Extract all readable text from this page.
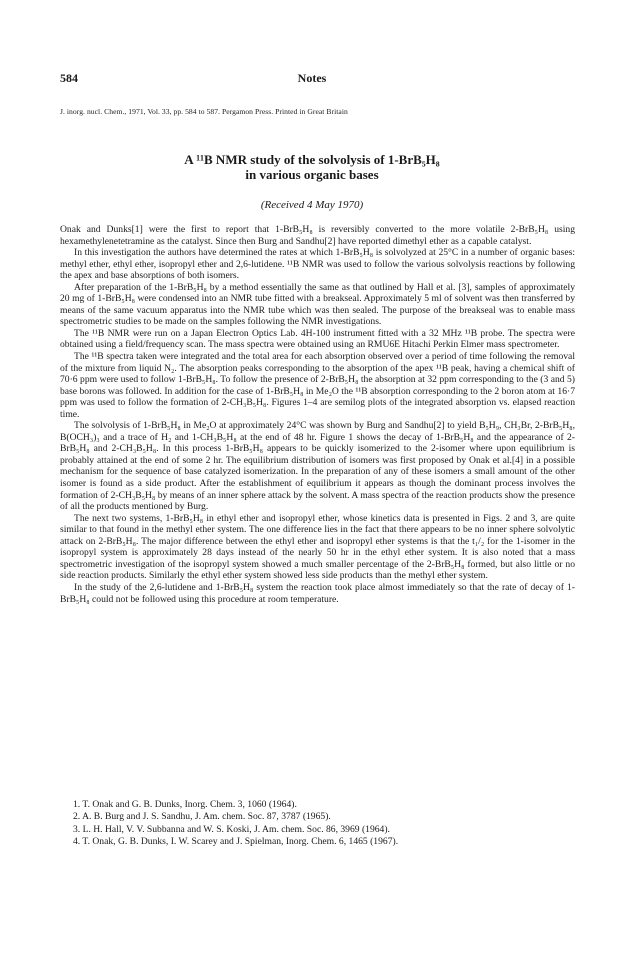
584	Notes
J. inorg. nucl. Chem., 1971, Vol. 33, pp. 584 to 587. Pergamon Press. Printed in Great Britain
A ¹¹B NMR study of the solvolysis of 1-BrB₅H₈
in various organic bases
(Received 4 May 1970)

Onak and Dunks[1] were the first to report that 1-BrB₅H₈ is reversibly converted to the more volatile 2-BrB₅H₈ using hexamethylenetetramine as the catalyst. Since then Burg and Sandhu[2] have reported dimethyl ether as a capable catalyst.

In this investigation the authors have determined the rates at which 1-BrB₅H₈ is solvolyzed at 25°C in a number of organic bases: methyl ether, ethyl ether, isopropyl ether and 2,6-lutidene. ¹¹B NMR was used to follow the various solvolysis reactions by following the apex and base absorptions of both isomers.

After preparation of the 1-BrB₅H₈ by a method essentially the same as that outlined by Hall et al. [3], samples of approximately 20 mg of 1-BrB₅H₈ were condensed into an NMR tube fitted with a breakseal. Approximately 5 ml of solvent was then transferred by means of the same vacuum apparatus into the NMR tube which was then sealed. The purpose of the breakseal was to enable mass spectrometric studies to be made on the samples following the NMR investigations.

The ¹¹B NMR were run on a Japan Electron Optics Lab. 4H-100 instrument fitted with a 32 MHz ¹¹B probe. The spectra were obtained using a field/frequency scan. The mass spectra were obtained using an RMU6E Hitachi Perkin Elmer mass spectrometer.

The ¹¹B spectra taken were integrated and the total area for each absorption observed over a period of time following the removal of the mixture from liquid N₂. The absorption peaks corresponding to the absorption of the apex ¹¹B peak, having a chemical shift of 70·6 ppm were used to follow 1-BrB₅H₈. To follow the presence of 2-BrB₅H₈ the absorption at 32 ppm corresponding to the (3 and 5) base borons was followed. In addition for the case of 1-BrB₅H₈ in Me₂O the ¹¹B absorption corresponding to the 2 boron atom at 16·7 ppm was used to follow the formation of 2-CH₃B₅H₈. Figures 1–4 are semilog plots of the integrated absorption vs. elapsed reaction time.

The solvolysis of 1-BrB₅H₈ in Me₂O at approximately 24°C was shown by Burg and Sandhu[2] to yield B₅H₉, CH₃Br, 2-BrB₅H₈, B(OCH₃)₃ and a trace of H₂ and 1-CH₃B₅H₈ at the end of 48 hr. Figure 1 shows the decay of 1-BrB₅H₈ and the appearance of 2-BrB₅H₈ and 2-CH₃B₅H₈. In this process 1-BrB₅H₈ appears to be quickly isomerized to the 2-isomer where upon equilibrium is probably attained at the end of some 2 hr. The equilibrium distribution of isomers was first proposed by Onak et al.[4] in a possible mechanism for the sequence of base catalyzed isomerization. In the preparation of any of these isomers a small amount of the other isomer is found as a side product. After the establishment of equilibrium it appears as though the dominant process involves the formation of 2-CH₃B₅H₈ by means of an inner sphere attack by the solvent. A mass spectra of the reaction products show the presence of all the products mentioned by Burg.

The next two systems, 1-BrB₅H₈ in ethyl ether and isopropyl ether, whose kinetics data is presented in Figs. 2 and 3, are quite similar to that found in the methyl ether system. The one difference lies in the fact that there appears to be no inner sphere solvolytic attack on 2-BrB₅H₈. The major difference between the ethyl ether and isopropyl ether systems is that the t₁/₂ for the 1-isomer in the isopropyl system is approximately 28 days instead of the nearly 50 hr in the ethyl ether system. It is also noted that a mass spectrometric investigation of the isopropyl system showed a much smaller percentage of the 2-BrB₅H₈ formed, but also little or no side reaction products. Similarly the ethyl ether system showed less side products than the methyl ether system.

In the study of the 2,6-lutidene and 1-BrB₅H₈ system the reaction took place almost immediately so that the rate of decay of 1-BrB₅H₈ could not be followed using this procedure at room temperature.

1. T. Onak and G. B. Dunks, Inorg. Chem. 3, 1060 (1964).
2. A. B. Burg and J. S. Sandhu, J. Am. chem. Soc. 87, 3787 (1965).
3. L. H. Hall, V. V. Subbanna and W. S. Koski, J. Am. chem. Soc. 86, 3969 (1964).
4. T. Onak, G. B. Dunks, I. W. Scarey and J. Spielman, Inorg. Chem. 6, 1465 (1967).
